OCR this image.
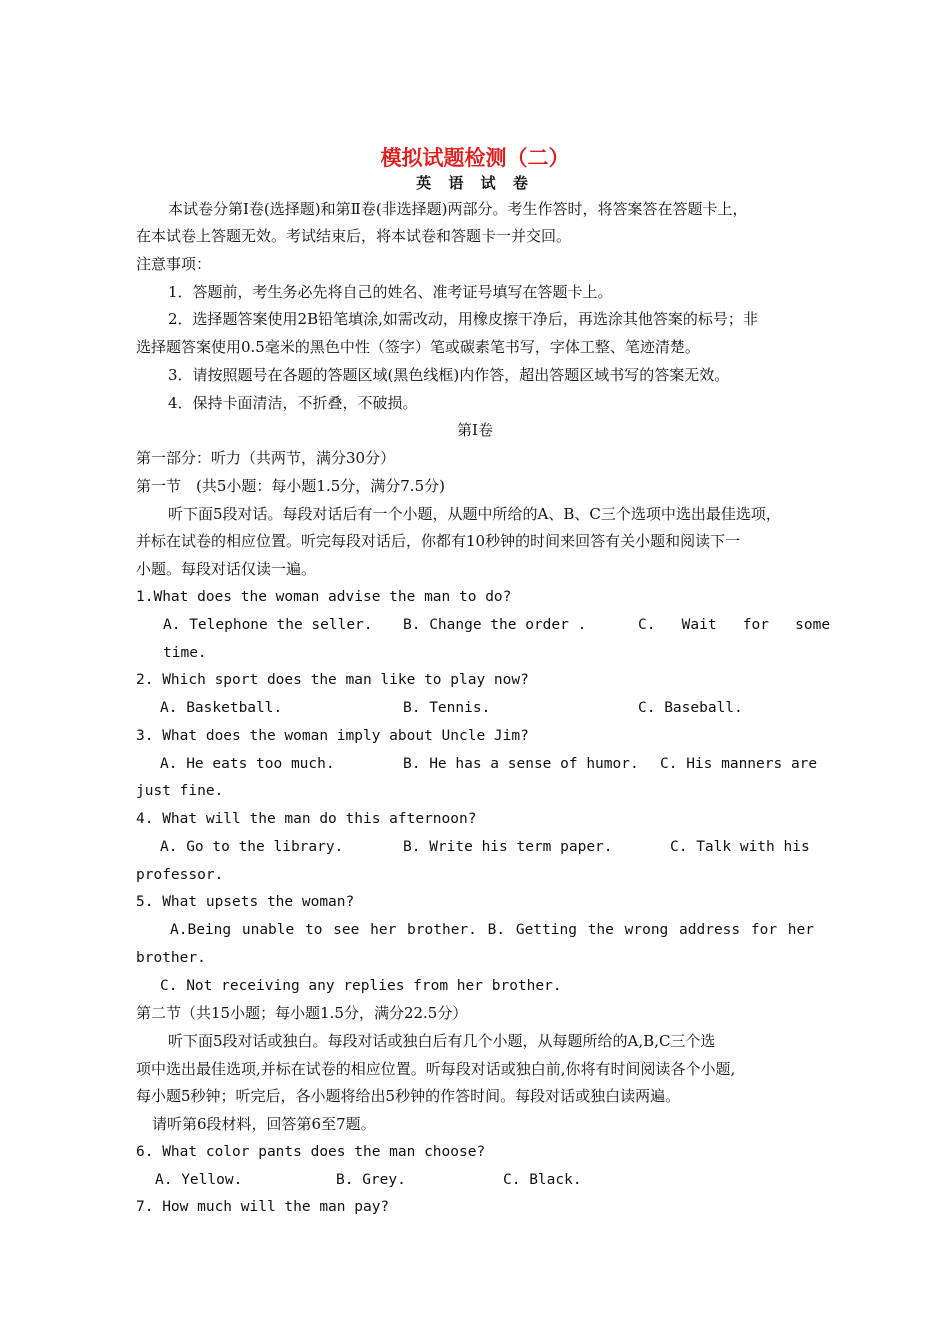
模拟试题检测（二）
英 语 试 卷
本试卷分第Ⅰ卷(选择题)和第Ⅱ卷(非选择题)两部分。考生作答时，将答案答在答题卡上，
在本试卷上答题无效。考试结束后，将本试卷和答题卡一并交回。
注意事项：
1．答题前，考生务必先将自己的姓名、准考证号填写在答题卡上。
2．选择题答案使用2B铅笔填涂,如需改动，用橡皮擦干净后，再选涂其他答案的标号；非
选择题答案使用0.5毫米的黑色中性（签字）笔或碳素笔书写，字体工整、笔迹清楚。
3．请按照题号在各题的答题区域(黑色线框)内作答，超出答题区域书写的答案无效。
4．保持卡面清洁，不折叠，不破损。
第Ⅰ卷
第一部分：听力（共两节，满分30分）
第一节　(共5小题：每小题1.5分，满分7.5分)
听下面5段对话。每段对话后有一个小题，从题中所给的A、B、C三个选项中选出最佳选项，
并标在试卷的相应位置。听完每段对话后，你都有10秒钟的时间来回答有关小题和阅读下一
小题。每段对话仅读一遍。
1.What does the woman advise the man to do?
A. Telephone the seller. B. Change the order .	C.   Wait   for   some
time.
2. Which sport does the man like to play now?
A. Basketball.	B. Tennis.	C. Baseball.
3. What does the woman imply about Uncle Jim?
A. He eats too much.	B. He has a sense of humor. C. His manners are
just fine.
4. What will the man do this afternoon?
A. Go to the library.	B. Write his term paper.	C. Talk with his
professor.
5. What upsets the woman?
A.Being unable to see her brother. B. Getting the wrong address for her
brother.
C. Not receiving any replies from her brother.
第二节（共15小题；每小题1.5分，满分22.5分）
听下面5段对话或独白。每段对话或独白后有几个小题，从每题所给的A,B,C三个选
项中选出最佳选项,并标在试卷的相应位置。听每段对话或独白前,你将有时间阅读各个小题,
每小题5秒钟；听完后，各小题将给出5秒钟的作答时间。每段对话或独白读两遍。
请听第6段材料，回答第6至7题。
6. What color pants does the man choose?
A. Yellow.	B. Grey.	C. Black.
7. How much will the man pay?
